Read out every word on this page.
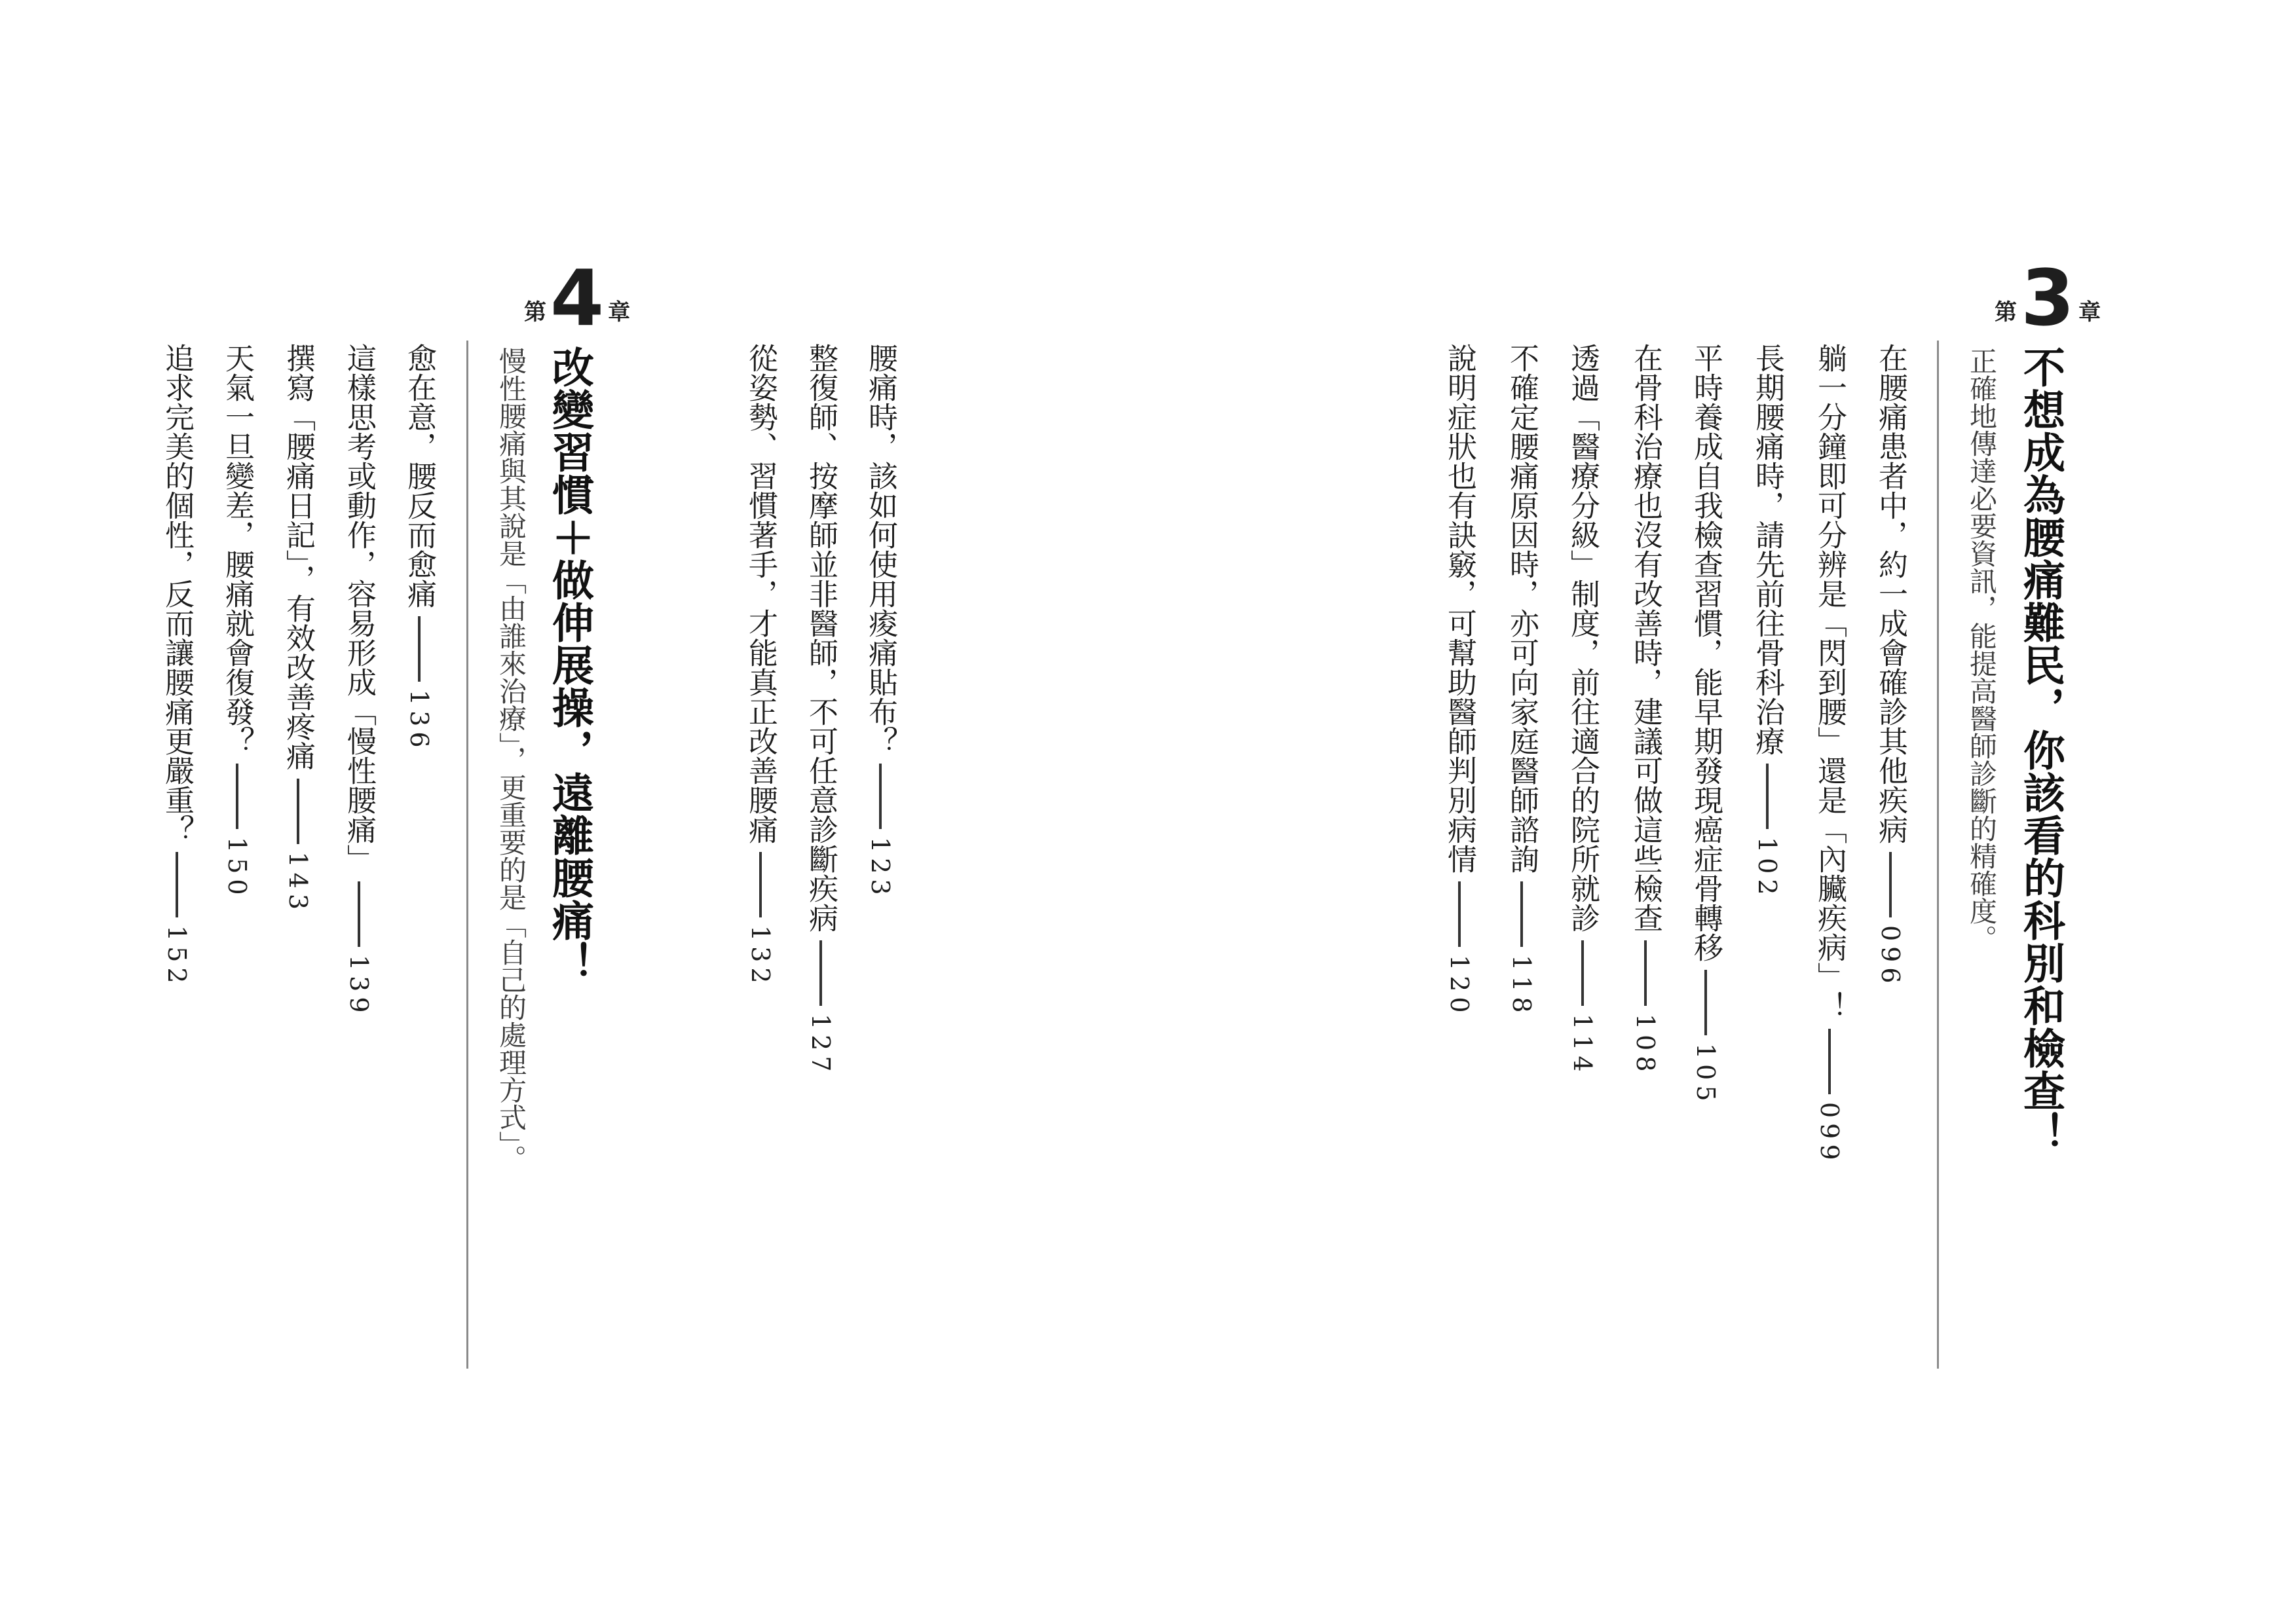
第 4 章
改變習慣＋做伸展操，遠離腰痛！
慢性腰痛與其說是「由誰來治療」，更重要的是「自己的處理方式」。	腰痛時，該如何使用痠痛貼布？123
整復師、按摩師並非醫師，不可任意診斷疾病127
從姿勢、習慣著手，才能真正改善腰痛132
愈在意，腰反而愈痛136
這樣思考或動作，容易形成「慢性腰痛」139
撰寫「腰痛日記」，有效改善疼痛143
天氣一旦變差，腰痛就會復發？150
追求完美的個性，反而讓腰痛更嚴重？152
第 3 章
不想成為腰痛難民，你該看的科別和檢查！
正確地傳達必要資訊，能提高醫師診斷的精確度。
在腰痛患者中，約一成會確診其他疾病096
躺一分鐘即可分辨是「閃到腰」還是「內臟疾病」！099
長期腰痛時，請先前往骨科治療102
平時養成自我檢查習慣，能早期發現癌症骨轉移105
在骨科治療也沒有改善時，建議可做這些檢查108
透過「醫療分級」制度，前往適合的院所就診114
不確定腰痛原因時，亦可向家庭醫師諮詢118
說明症狀也有訣竅，可幫助醫師判別病情120
